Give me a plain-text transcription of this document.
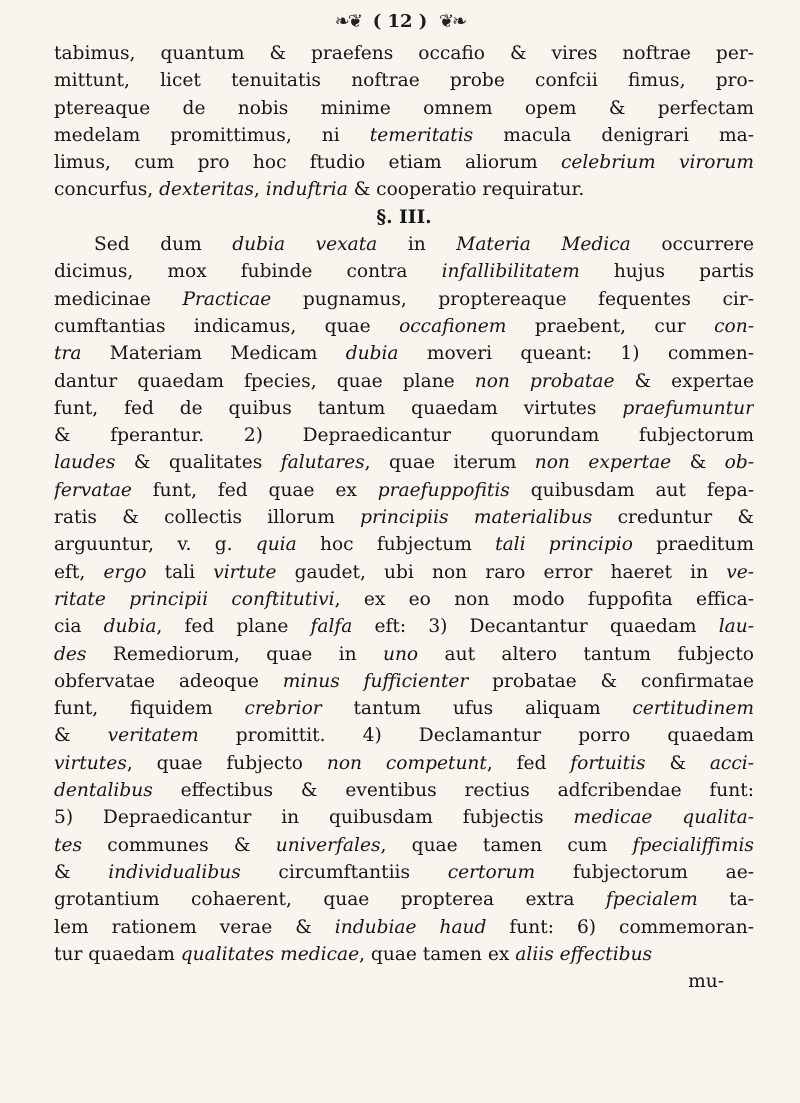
❧❦ ( 12 ) ❦❧
tabimus, quantum & praefens occafio & vires noftrae per-
mittunt, licet tenuitatis noftrae probe confcii fimus, pro-
ptereaque de nobis minime omnem opem & perfectam
medelam promittimus, ni temeritatis macula denigrari ma-
limus, cum pro hoc ftudio etiam aliorum celebrium virorum
concurfus, dexteritas, induftria & cooperatio requiratur.
§. III.
Sed dum dubia vexata in Materia Medica occurrere
dicimus, mox fubinde contra infallibilitatem hujus partis
medicinae Practicae pugnamus, proptereaque fequentes cir-
cumftantias indicamus, quae occafionem praebent, cur con-
tra Materiam Medicam dubia moveri queant: 1) commen-
dantur quaedam fpecies, quae plane non probatae & expertae
funt, fed de quibus tantum quaedam virtutes praefumuntur
& fperantur. 2) Depraedicantur quorundam fubjectorum
laudes & qualitates falutares, quae iterum non expertae & ob-
fervatae funt, fed quae ex praefuppofitis quibusdam aut fepa-
ratis & collectis illorum principiis materialibus creduntur &
arguuntur, v. g. quia hoc fubjectum tali principio praeditum
eft, ergo tali virtute gaudet, ubi non raro error haeret in ve-
ritate principii conftitutivi, ex eo non modo fuppofita effica-
cia dubia, fed plane falfa eft: 3) Decantantur quaedam lau-
des Remediorum, quae in uno aut altero tantum fubjecto
obfervatae adeoque minus fufficienter probatae & confirmatae
funt, fiquidem crebrior tantum ufus aliquam certitudinem
& veritatem promittit. 4) Declamantur porro quaedam
virtutes, quae fubjecto non competunt, fed fortuitis & acci-
dentalibus effectibus & eventibus rectius adfcribendae funt:
5) Depraedicantur in quibusdam fubjectis medicae qualita-
tes communes & univerfales, quae tamen cum fpecialiffimis
& individualibus circumftantiis certorum fubjectorum ae-
grotantium cohaerent, quae propterea extra fpecialem ta-
lem rationem verae & indubiae haud funt: 6) commemoran-
tur quaedam qualitates medicae, quae tamen ex aliis effectibus
mu-
